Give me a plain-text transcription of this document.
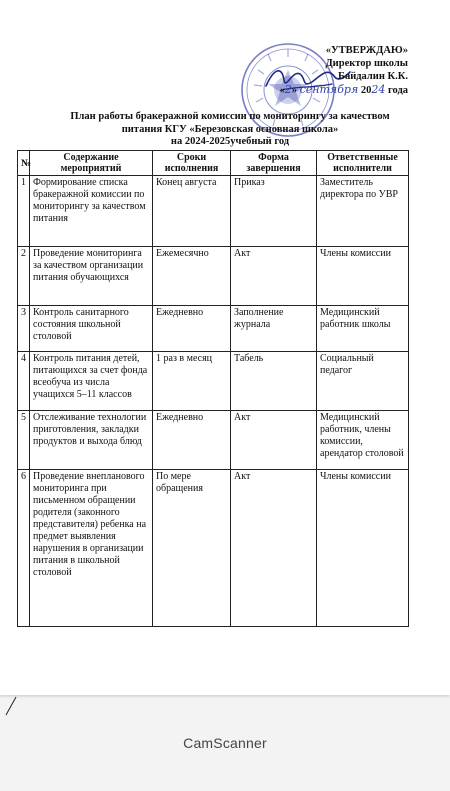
«УТВЕРЖДАЮ»
Директор школы
Байдалин К.К.
«2» сентября 2024 года
План работы бракеражной комиссии по мониторингу за качеством
питания КГУ «Березовская основная школа»
на 2024-2025учебный год
№	Содержание мероприятий	Сроки исполнения	Форма завершения	Ответственные исполнители
1	Формирование списка бракеражной комиссии по мониторингу за качеством питания	Конец августа	Приказ	Заместитель директора по УВР
2	Проведение мониторинга за качеством организации питания обучающихся	Ежемесячно	Акт	Члены комиссии
3	Контроль санитарного состояния школьной столовой	Ежедневно	Заполнение журнала	Медицинский работник школы
4	Контроль питания детей, питающихся за счет фонда всеобуча из числа учащихся 5–11 классов	1 раз в месяц	Табель	Социальный педагог
5	Отслеживание технологии приготовления, закладки продуктов и выхода блюд	Ежедневно	Акт	Медицинский работник, члены комиссии, арендатор столовой
6	Проведение внепланового мониторинга при письменном обращении родителя (законного представителя) ребенка на предмет выявления нарушения в организации питания в школьной столовой	По мере обращения	Акт	Члены комиссии
CamScanner
